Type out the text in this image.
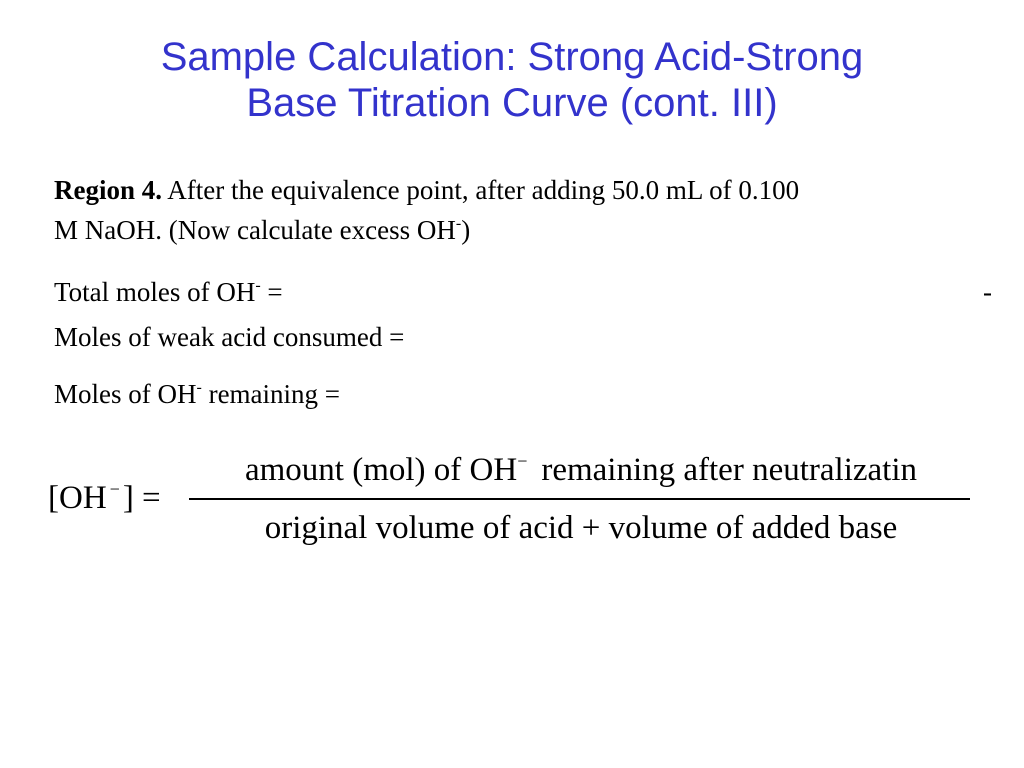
Sample Calculation: Strong Acid-Strong
Base Titration Curve (cont. III)

Region 4. After the equivalence point, after adding 50.0 mL of 0.100
M NaOH. (Now calculate excess OH-)

Total moles of OH- =
Moles of weak acid consumed =

-

Moles of OH- remaining =

[OH −] =
amount (mol) of OH− remaining after neutralizatin
original volume of acid + volume of added base
